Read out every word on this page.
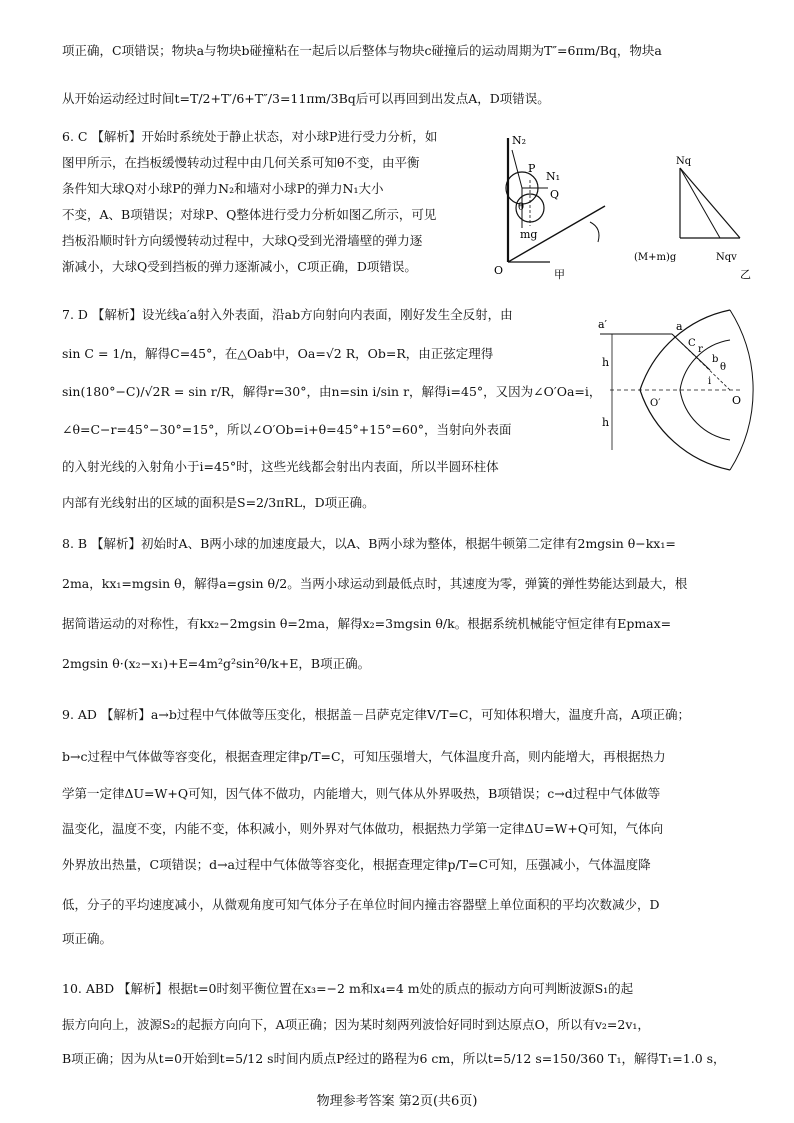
项正确，C项错误；物块a与物块b碰撞粘在一起后以后整体与物块c碰撞后的运动周期为T″=6πm/Bq，物块a
从开始运动经过时间t=T/2+T′/6+T″/3=11πm/3Bq后可以再回到出发点A，D项错误。
6. C 【解析】开始时系统处于静止状态，对小球P进行受力分析，如
图甲所示，在挡板缓慢转动过程中由几何关系可知θ不变，由平衡
条件知大球Q对小球P的弹力N₂和墙对小球P的弹力N₁大小
不变，A、B项错误；对球P、Q整体进行受力分析如图乙所示，可见
挡板沿顺时针方向缓慢转动过程中，大球Q受到光滑墙壁的弹力逐
渐减小，大球Q受到挡板的弹力逐渐减小，C项正确，D项错误。
7. D 【解析】设光线a′a射入外表面，沿ab方向射向内表面，刚好发生全反射，由
sin C = 1/n，解得C=45°，在△Oab中，Oa=√2 R，Ob=R，由正弦定理得
sin(180°−C)/√2R = sin r/R，解得r=30°，由n=sin i/sin r，解得i=45°，又因为∠O′Oa=i，
∠θ=C−r=45°−30°=15°，所以∠O′Ob=i+θ=45°+15°=60°，当射向外表面
的入射光线的入射角小于i=45°时，这些光线都会射出内表面，所以半圆环柱体
内部有光线射出的区域的面积是S=2/3πRL，D项正确。
8. B 【解析】初始时A、B两小球的加速度最大，以A、B两小球为整体，根据牛顿第二定律有2mgsin θ−kx₁=
2ma，kx₁=mgsin θ，解得a=gsin θ/2。当两小球运动到最低点时，其速度为零，弹簧的弹性势能达到最大，根
据简谐运动的对称性，有kx₂−2mgsin θ=2ma，解得x₂=3mgsin θ/k。根据系统机械能守恒定律有Epmax=
2mgsin θ·(x₂−x₁)+E=4m²g²sin²θ/k+E，B项正确。
9. AD 【解析】a→b过程中气体做等压变化，根据盖－吕萨克定律V/T=C，可知体积增大，温度升高，A项正确；
b→c过程中气体做等容变化，根据查理定律p/T=C，可知压强增大，气体温度升高，则内能增大，再根据热力
学第一定律ΔU=W+Q可知，因气体不做功，内能增大，则气体从外界吸热，B项错误；c→d过程中气体做等
温变化，温度不变，内能不变，体积减小，则外界对气体做功，根据热力学第一定律ΔU=W+Q可知，气体向
外界放出热量，C项错误；d→a过程中气体做等容变化，根据查理定律p/T=C可知，压强减小，气体温度降
低，分子的平均速度减小，从微观角度可知气体分子在单位时间内撞击容器壁上单位面积的平均次数减少，D
项正确。
10. ABD 【解析】根据t=0时刻平衡位置在x₃=−2 m和x₄=4 m处的质点的振动方向可判断波源S₁的起
振方向向上，波源S₂的起振方向向下，A项正确；因为某时刻两列波恰好同时到达原点O，所以有v₂=2v₁，
B项正确；因为从t=0开始到t=5/12 s时间内质点P经过的路程为6 cm，所以t=5/12 s=150/360 T₁，解得T₁=1.0 s，
N₂
P
N₁
Q
θ
mg
O	甲
Nq
(M+m)g	Nqv
乙
a′	a
C
b
r
i
θ
O′	O
h
h
物理参考答案 第2页(共6页)
